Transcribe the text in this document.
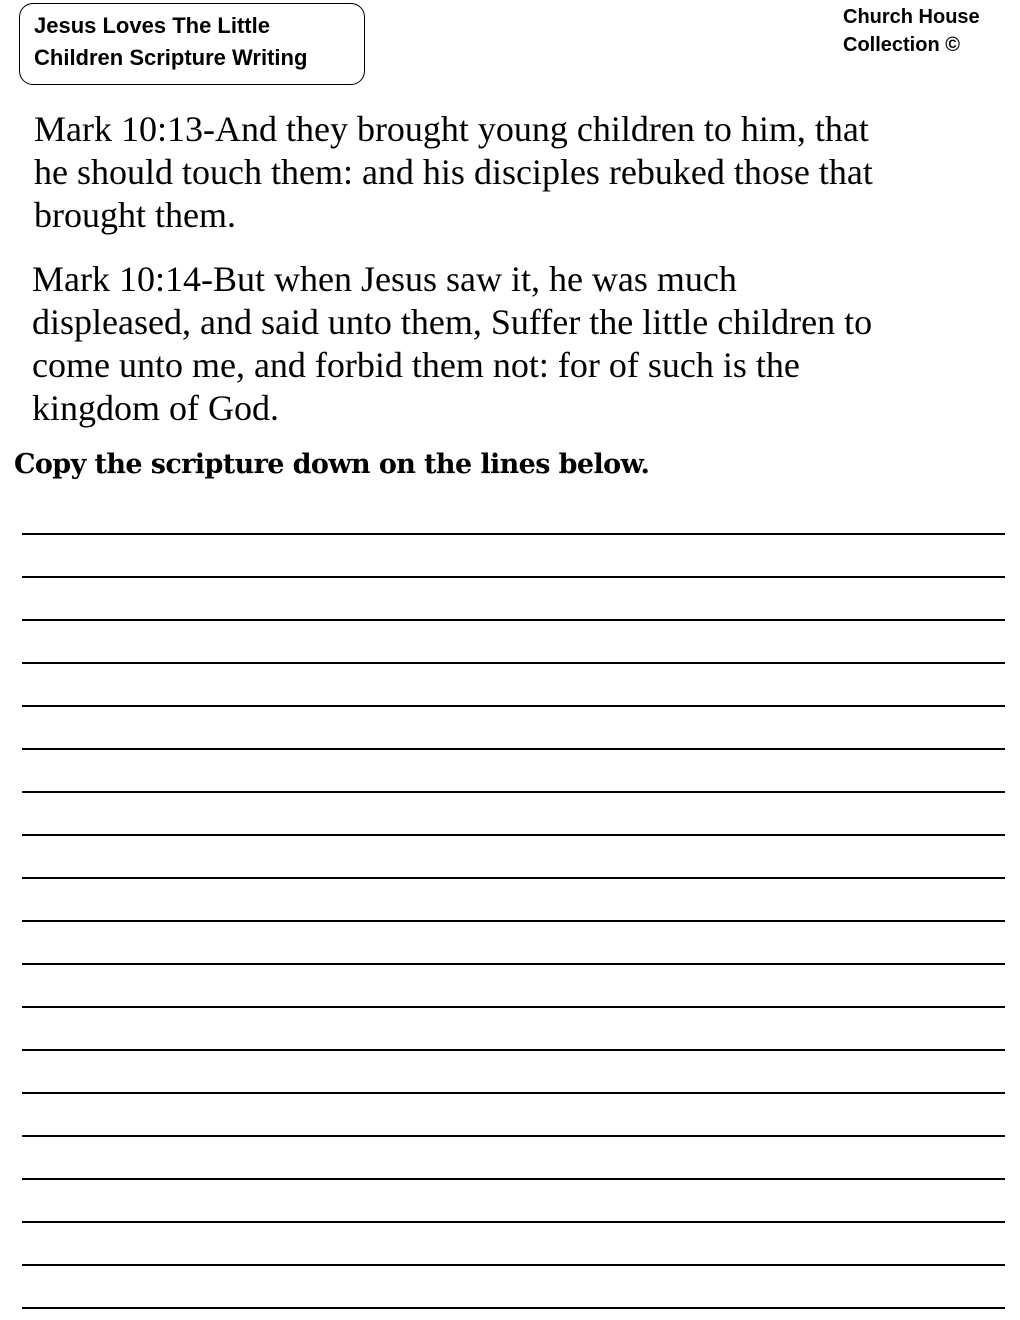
Jesus Loves The Little
Children Scripture Writing
Church House
Collection ©
Mark 10:13-And they brought young children to him, that
he should touch them: and his disciples rebuked those that
brought them.
Mark 10:14-But when Jesus saw it, he was much
displeased, and said unto them, Suffer the little children to
come unto me, and forbid them not: for of such is the
kingdom of God.
Copy the scripture down on the lines below.
